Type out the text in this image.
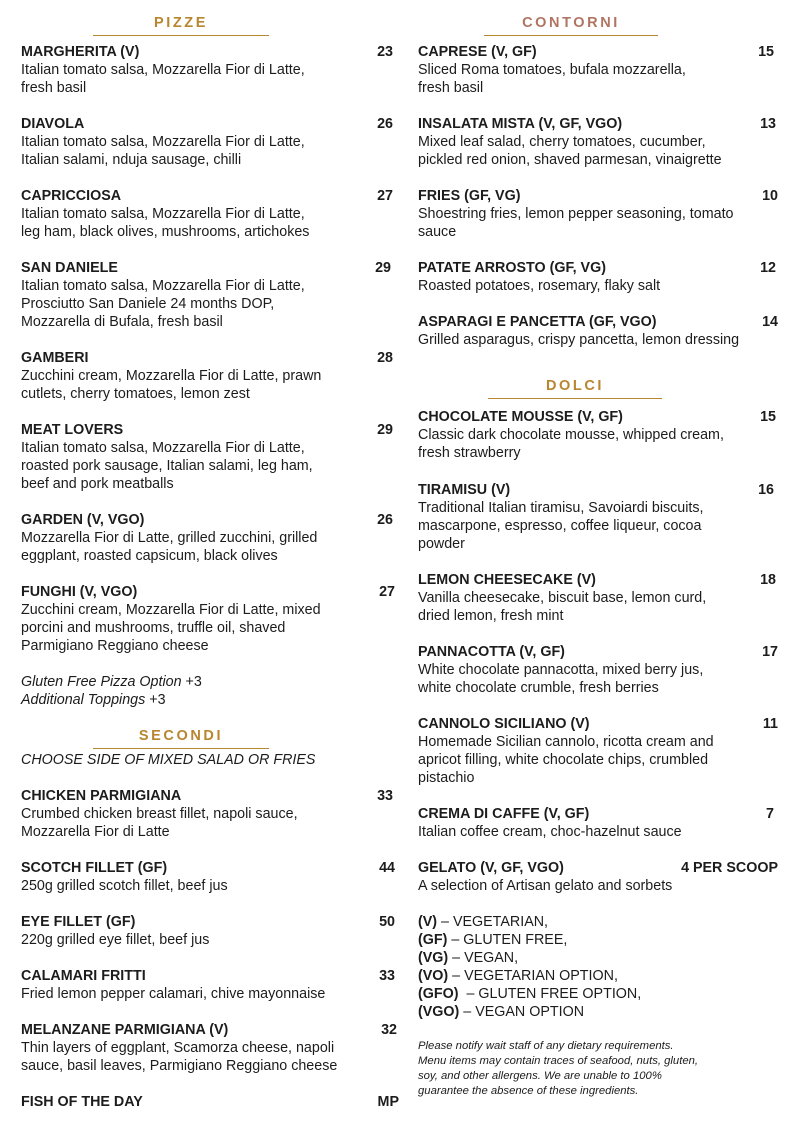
PIZZE
MARGHERITA (V)	23
Italian tomato salsa, Mozzarella Fior di Latte,
fresh basil
DIAVOLA	26
Italian tomato salsa, Mozzarella Fior di Latte,
Italian salami, nduja sausage, chilli
CAPRICCIOSA	27
Italian tomato salsa, Mozzarella Fior di Latte,
leg ham, black olives, mushrooms, artichokes
SAN DANIELE	29
Italian tomato salsa, Mozzarella Fior di Latte,
Prosciutto San Daniele 24 months DOP,
Mozzarella di Bufala, fresh basil
GAMBERI	28
Zucchini cream, Mozzarella Fior di Latte, prawn
cutlets, cherry tomatoes, lemon zest
MEAT LOVERS	29
Italian tomato salsa, Mozzarella Fior di Latte,
roasted pork sausage, Italian salami, leg ham,
beef and pork meatballs
GARDEN (V, VGO)	26
Mozzarella Fior di Latte, grilled zucchini, grilled
eggplant, roasted capsicum, black olives
FUNGHI (V, VGO)	27
Zucchini cream, Mozzarella Fior di Latte, mixed
porcini and mushrooms, truffle oil, shaved
Parmigiano Reggiano cheese
Gluten Free Pizza Option +3
Additional Toppings +3
SECONDI
CHOOSE SIDE OF MIXED SALAD OR FRIES
CHICKEN PARMIGIANA	33
Crumbed chicken breast fillet, napoli sauce,
Mozzarella Fior di Latte
SCOTCH FILLET (GF)	44
250g grilled scotch fillet, beef jus
EYE FILLET (GF)	50
220g grilled eye fillet, beef jus
CALAMARI FRITTI	33
Fried lemon pepper calamari, chive mayonnaise
MELANZANE PARMIGIANA (V)	32
Thin layers of eggplant, Scamorza cheese, napoli
sauce, basil leaves, Parmigiano Reggiano cheese
FISH OF THE DAY	MP
CONTORNI
CAPRESE (V, GF)	15
Sliced Roma tomatoes, bufala mozzarella,
fresh basil
INSALATA MISTA (V, GF, VGO)	13
Mixed leaf salad, cherry tomatoes, cucumber,
pickled red onion, shaved parmesan, vinaigrette
FRIES (GF, VG)	10
Shoestring fries, lemon pepper seasoning, tomato
sauce
PATATE ARROSTO (GF, VG)	12
Roasted potatoes, rosemary, flaky salt
ASPARAGI E PANCETTA (GF, VGO)	14
Grilled asparagus, crispy pancetta, lemon dressing
DOLCI
CHOCOLATE MOUSSE (V, GF)	15
Classic dark chocolate mousse, whipped cream,
fresh strawberry
TIRAMISU (V)	16
Traditional Italian tiramisu, Savoiardi biscuits,
mascarpone, espresso, coffee liqueur, cocoa
powder
LEMON CHEESECAKE (V)	18
Vanilla cheesecake, biscuit base, lemon curd,
dried lemon, fresh mint
PANNACOTTA (V, GF)	17
White chocolate pannacotta, mixed berry jus,
white chocolate crumble, fresh berries
CANNOLO SICILIANO (V)	11
Homemade Sicilian cannolo, ricotta cream and
apricot filling, white chocolate chips, crumbled
pistachio
CREMA DI CAFFE (V, GF)	7
Italian coffee cream, choc-hazelnut sauce
GELATO (V, GF, VGO)	4 PER SCOOP
A selection of Artisan gelato and sorbets
(V) – VEGETARIAN,
(GF) – GLUTEN FREE,
(VG) – VEGAN,
(VO) – VEGETARIAN OPTION,
(GFO)  – GLUTEN FREE OPTION,
(VGO) – VEGAN OPTION
Please notify wait staff of any dietary requirements.
Menu items may contain traces of seafood, nuts, gluten,
soy, and other allergens. We are unable to 100%
guarantee the absence of these ingredients.
